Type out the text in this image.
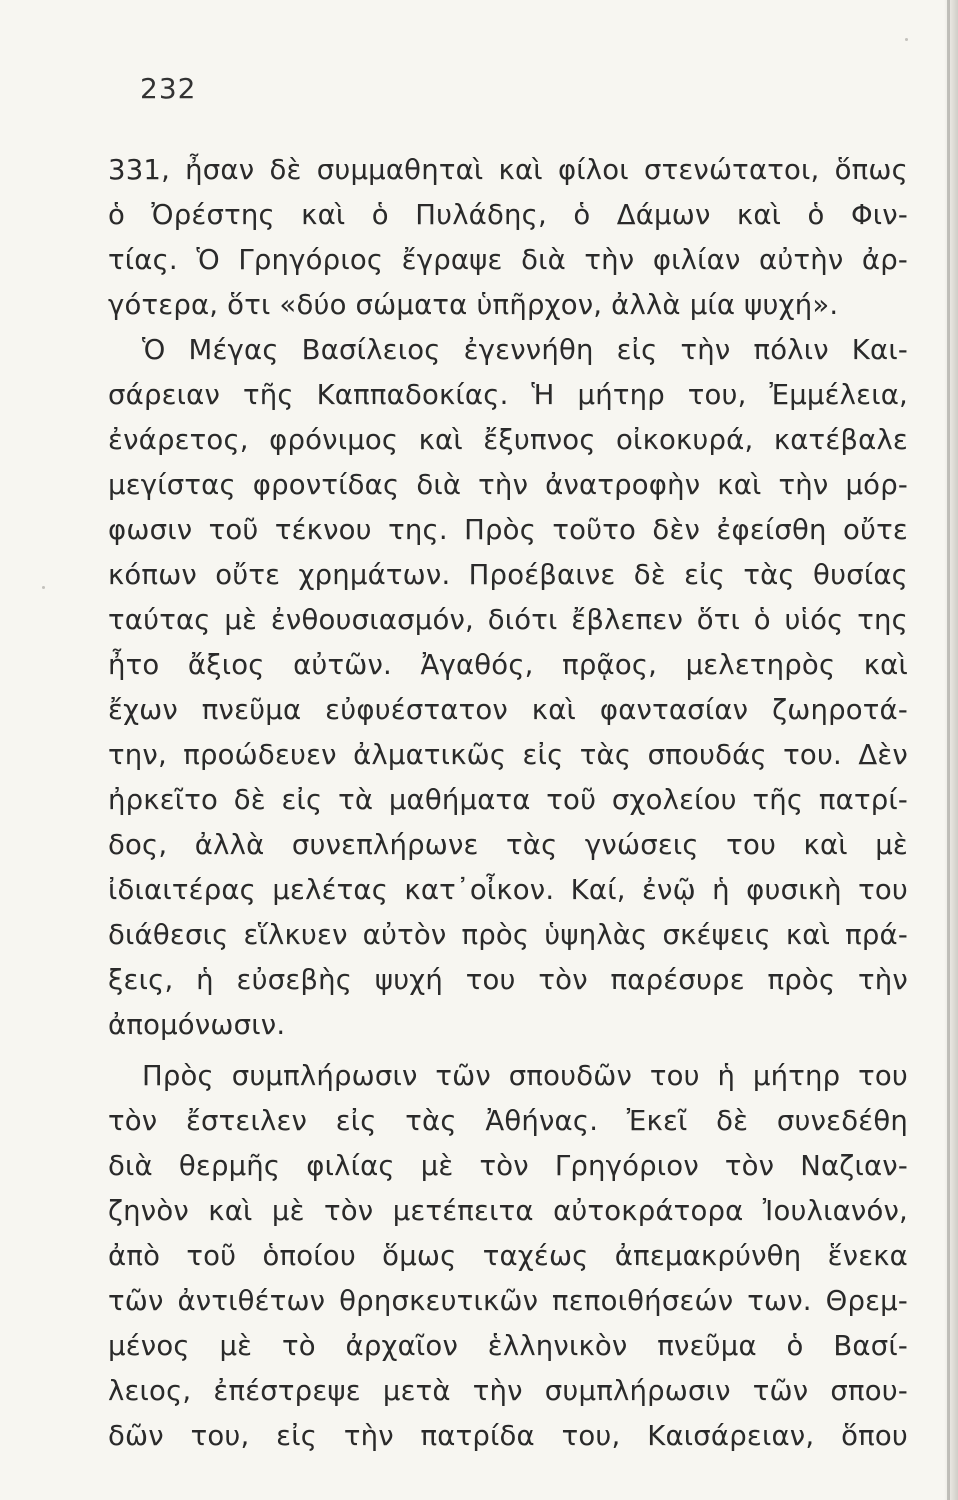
232
331, ἦσαν δὲ συμμαθηταὶ καὶ φίλοι στενώτατοι, ὅπως
ὁ Ὀρέστης καὶ ὁ Πυλάδης, ὁ Δάμων καὶ ὁ Φιν-
τίας. Ὁ Γρηγόριος ἔγραψε διὰ τὴν φιλίαν αὐτὴν ἀρ-
γότερα, ὅτι «δύο σώματα ὑπῆρχον, ἀλλὰ μία ψυχή».
Ὁ Μέγας Βασίλειος ἐγεννήθη εἰς τὴν πόλιν Και-
σάρειαν τῆς Καππαδοκίας. Ἡ μήτηρ του, Ἐμμέλεια,
ἐνάρετος, φρόνιμος καὶ ἔξυπνος οἰκοκυρά, κατέβαλε
μεγίστας φροντίδας διὰ τὴν ἀνατροφὴν καὶ τὴν μόρ-
φωσιν τοῦ τέκνου της. Πρὸς τοῦτο δὲν ἐφείσθη οὔτε
κόπων οὔτε χρημάτων. Προέβαινε δὲ εἰς τὰς θυσίας
ταύτας μὲ ἐνθουσιασμόν, διότι ἔβλεπεν ὅτι ὁ υἱός της
ἦτο ἄξιος αὐτῶν. Ἀγαθός, πρᾷος, μελετηρὸς καὶ
ἔχων πνεῦμα εὐφυέστατον καὶ φαντασίαν ζωηροτά-
την, προώδευεν ἀλματικῶς εἰς τὰς σπουδάς του. Δὲν
ἠρκεῖτο δὲ εἰς τὰ μαθήματα τοῦ σχολείου τῆς πατρί-
δος, ἀλλὰ συνεπλήρωνε τὰς γνώσεις του καὶ μὲ
ἰδιαιτέρας μελέτας κατ᾽οἶκον. Καί, ἐνῷ ἡ φυσικὴ του
διάθεσις εἵλκυεν αὐτὸν πρὸς ὑψηλὰς σκέψεις καὶ πρά-
ξεις, ἡ εὐσεβὴς ψυχή του τὸν παρέσυρε πρὸς τὴν
ἀπομόνωσιν.
Πρὸς συμπλήρωσιν τῶν σπουδῶν του ἡ μήτηρ του
τὸν ἔστειλεν εἰς τὰς Ἀθήνας. Ἐκεῖ δὲ συνεδέθη
διὰ θερμῆς φιλίας μὲ τὸν Γρηγόριον τὸν Ναζιαν-
ζηνὸν καὶ μὲ τὸν μετέπειτα αὐτοκράτορα Ἰουλιανόν,
ἀπὸ τοῦ ὁποίου ὅμως ταχέως ἀπεμακρύνθη ἕνεκα
τῶν ἀντιθέτων θρησκευτικῶν πεποιθήσεών των. Θρεμ-
μένος μὲ τὸ ἀρχαῖον ἑλληνικὸν πνεῦμα ὁ Βασί-
λειος, ἐπέστρεψε μετὰ τὴν συμπλήρωσιν τῶν σπου-
δῶν του, εἰς τὴν πατρίδα του, Καισάρειαν, ὅπου
